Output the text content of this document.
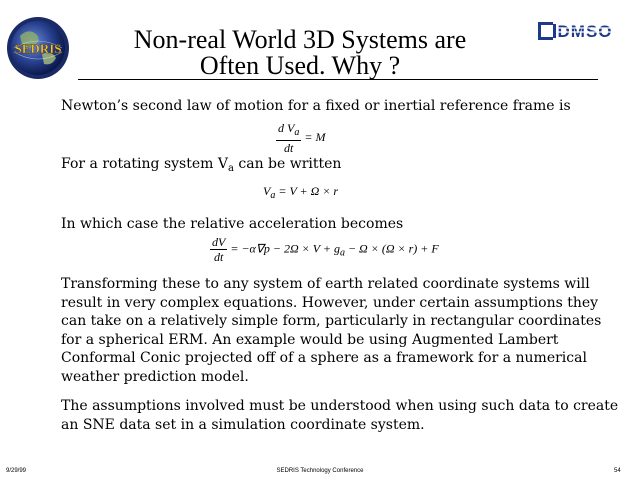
SEDRIS
DMSO
Non-real World 3D Systems are
Often Used. Why ?
Newton’s second law of motion for a fixed or inertial reference frame is
$\frac{d V_a}{dt} = M$
For a rotating system $V_a$ can be written
$V_a = V + \Omega \times r$
In which case the relative acceleration becomes
$\frac{dV}{dt} = -\alpha\nabla p - 2\Omega \times V + g_a - \Omega \times (\Omega \times r) + F$
Transforming these to any system of earth related coordinate systems will result in very complex equations. However, under certain assumptions they can take on a relatively simple form, particularly in rectangular coordinates for a spherical ERM. An example would be using Augmented Lambert Conformal Conic projected off of a sphere as a framework for a numerical weather prediction model.
The assumptions involved must be understood when using such data to create an SNE data set in a simulation coordinate system.
9/29/99	SEDRIS Technology Conference	54
